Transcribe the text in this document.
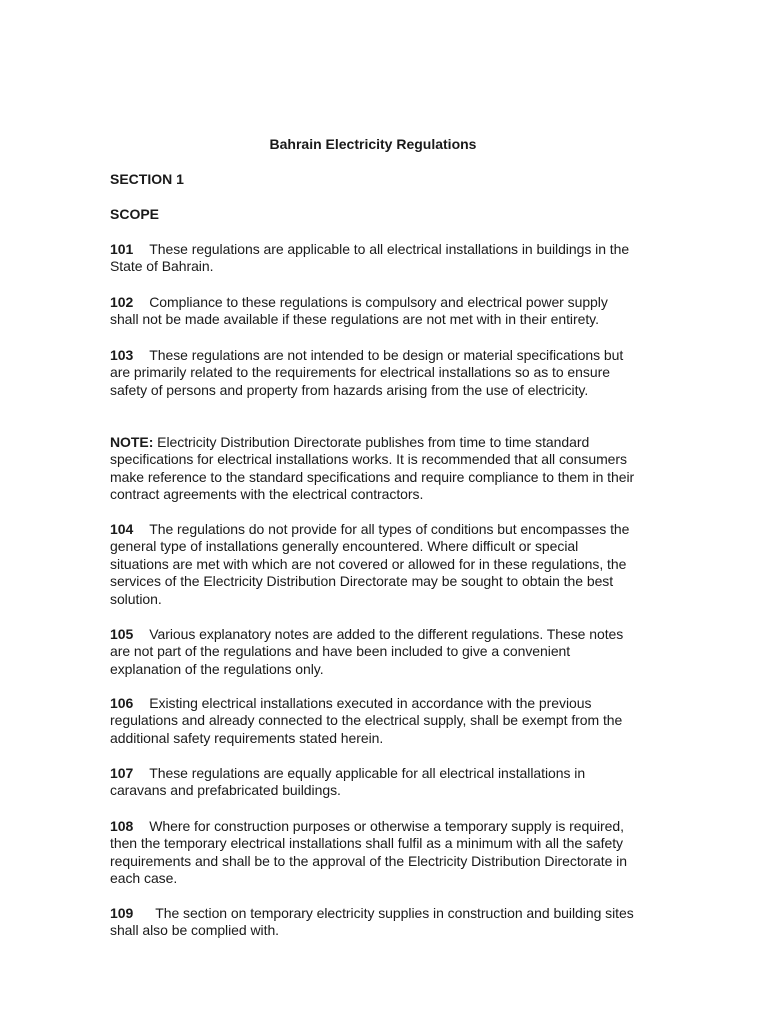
Bahrain Electricity Regulations
SECTION 1
SCOPE

101 These regulations are applicable to all electrical installations in buildings in the State of Bahrain.

102 Compliance to these regulations is compulsory and electrical power supply shall not be made available if these regulations are not met with in their entirety.

103 These regulations are not intended to be design or material specifications but are primarily related to the requirements for electrical installations so as to ensure safety of persons and property from hazards arising from the use of electricity.

NOTE: Electricity Distribution Directorate publishes from time to time standard specifications for electrical installations works. It is recommended that all consumers make reference to the standard specifications and require compliance to them in their contract agreements with the electrical contractors.

104 The regulations do not provide for all types of conditions but encompasses the general type of installations generally encountered. Where difficult or special situations are met with which are not covered or allowed for in these regulations, the services of the Electricity Distribution Directorate may be sought to obtain the best solution.

105 Various explanatory notes are added to the different regulations. These notes are not part of the regulations and have been included to give a convenient explanation of the regulations only.

106 Existing electrical installations executed in accordance with the previous regulations and already connected to the electrical supply, shall be exempt from the additional safety requirements stated herein.

107 These regulations are equally applicable for all electrical installations in caravans and prefabricated buildings.

108 Where for construction purposes or otherwise a temporary supply is required, then the temporary electrical installations shall fulfil as a minimum with all the safety requirements and shall be to the approval of the Electricity Distribution Directorate in each case.

109 The section on temporary electricity supplies in construction and building sites shall also be complied with.
